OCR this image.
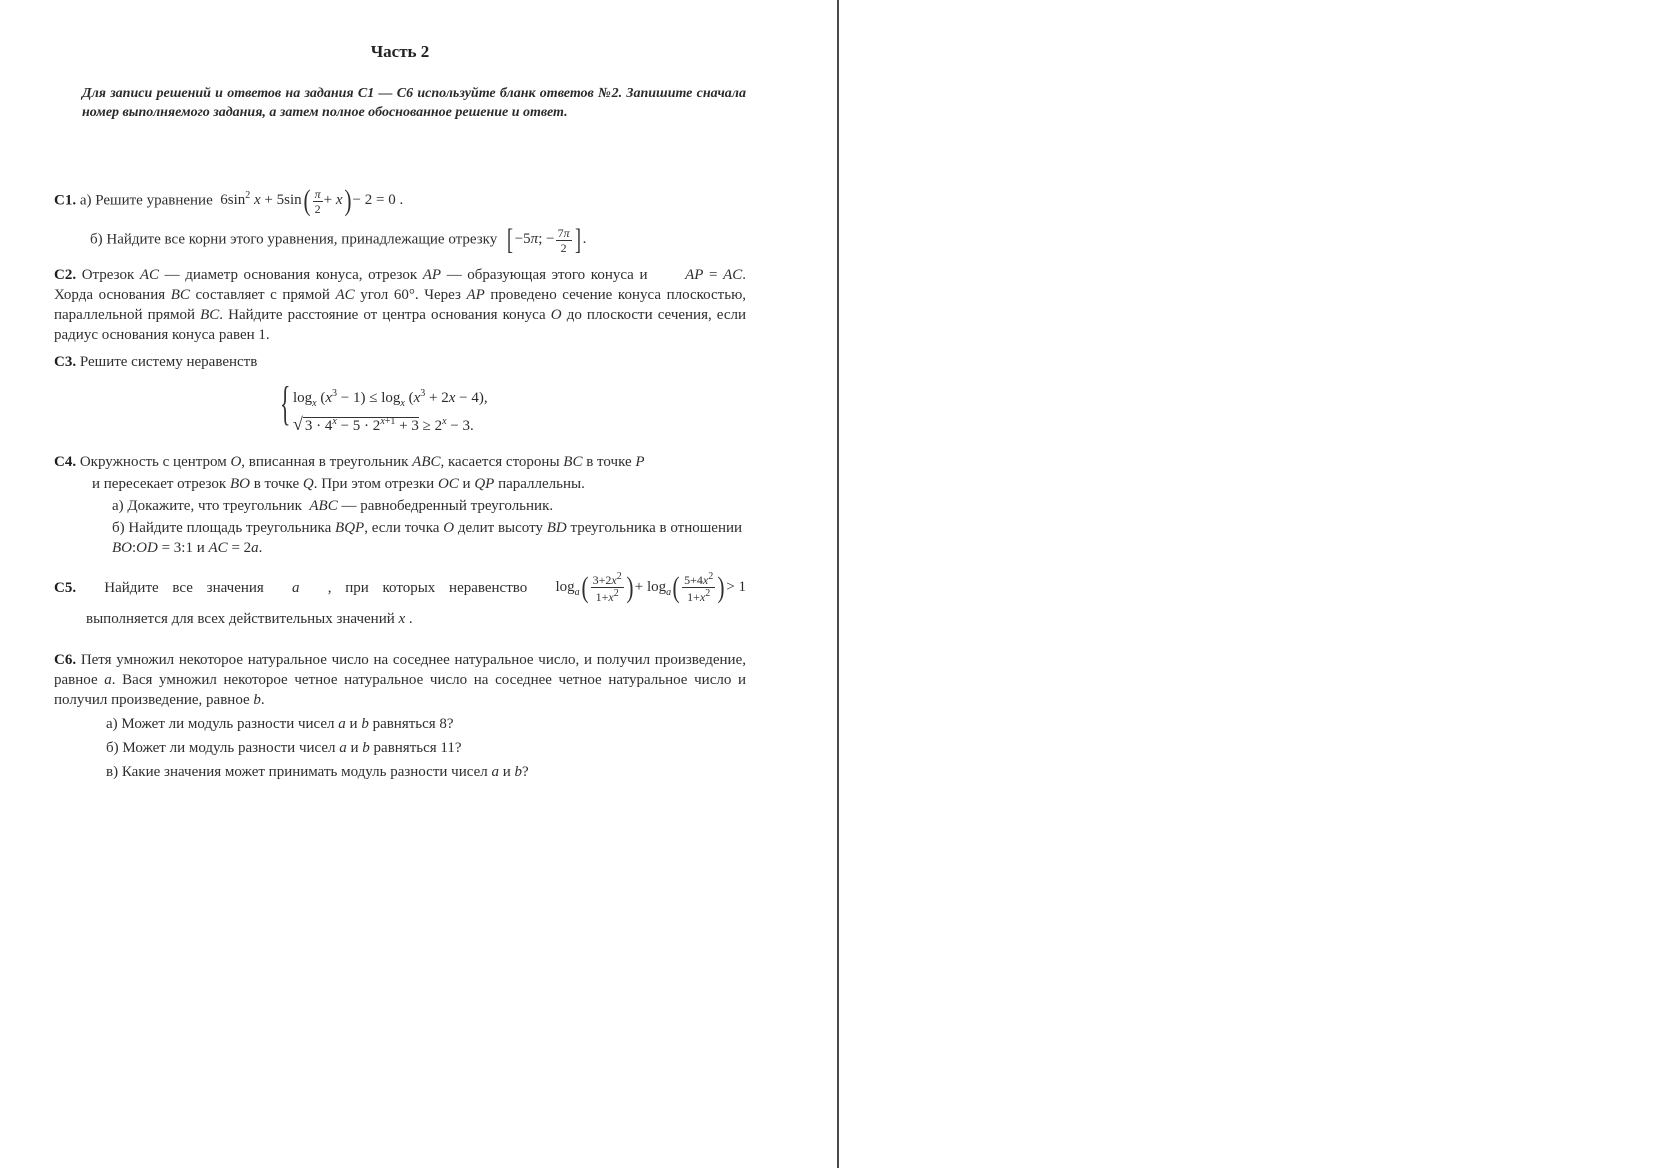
Часть 2
Для записи решений и ответов на задания С1 — С6 используйте бланк ответов №2. Запишите сначала номер выполняемого задания, а затем полное обоснованное решение и ответ.
С1. а) Решите уравнение  $6\sin^2$ $x + 5\sin( \frac{\pi}{2} + x) - 2 = 0$ .
б) Найдите все корни этого уравнения, принадлежащие отрезку [ −5π; − $\frac{7\pi}{2}$ ] .
С2. Отрезок AC — диаметр основания конуса, отрезок AP — образующая этого конуса и	AP = AC. Хорда основания BC составляет с прямой AC угол 60°. Через AP проведено сечение конуса плоскостью, параллельной прямой BC. Найдите расстояние от центра основания конуса O до плоскости сечения, если радиус основания конуса равен 1.
С3. Решите систему неравенств
{ $\log_x (x^3 - 1) \le \log_x (x^3 + 2x - 4)$,
√ $3 \cdot 4^x - 5 \cdot 2^{x+1} + 3 \ge 2^x - 3$.
С4. Окружность с центром O, вписанная в треугольник ABC, касается стороны BC в точке P
и пересекает отрезок BO в точке Q. При этом отрезки OC и QP параллельны.
а) Докажите, что треугольник ABC — равнобедренный треугольник.
б) Найдите площадь треугольника BQP, если точка O делит высоту BD треугольника в отношении BO:OD = 3:1 и AC = 2a.
С5. Найдите все значения a , при которых неравенство $\log_a( \frac{3+2x^2}{1+x^2}$ ) + $\log_a( \frac{5+4x^2}{1+x^2}$ ) > 1
выполняется для всех действительных значений x .
С6. Петя умножил некоторое натуральное число на соседнее натуральное число, и получил произведение, равное a. Вася умножил некоторое четное натуральное число на соседнее четное натуральное число и получил произведение, равное b.
а) Может ли модуль разности чисел a и b равняться 8?
б) Может ли модуль разности чисел a и b равняться 11?
в) Какие значения может принимать модуль разности чисел a и b?
